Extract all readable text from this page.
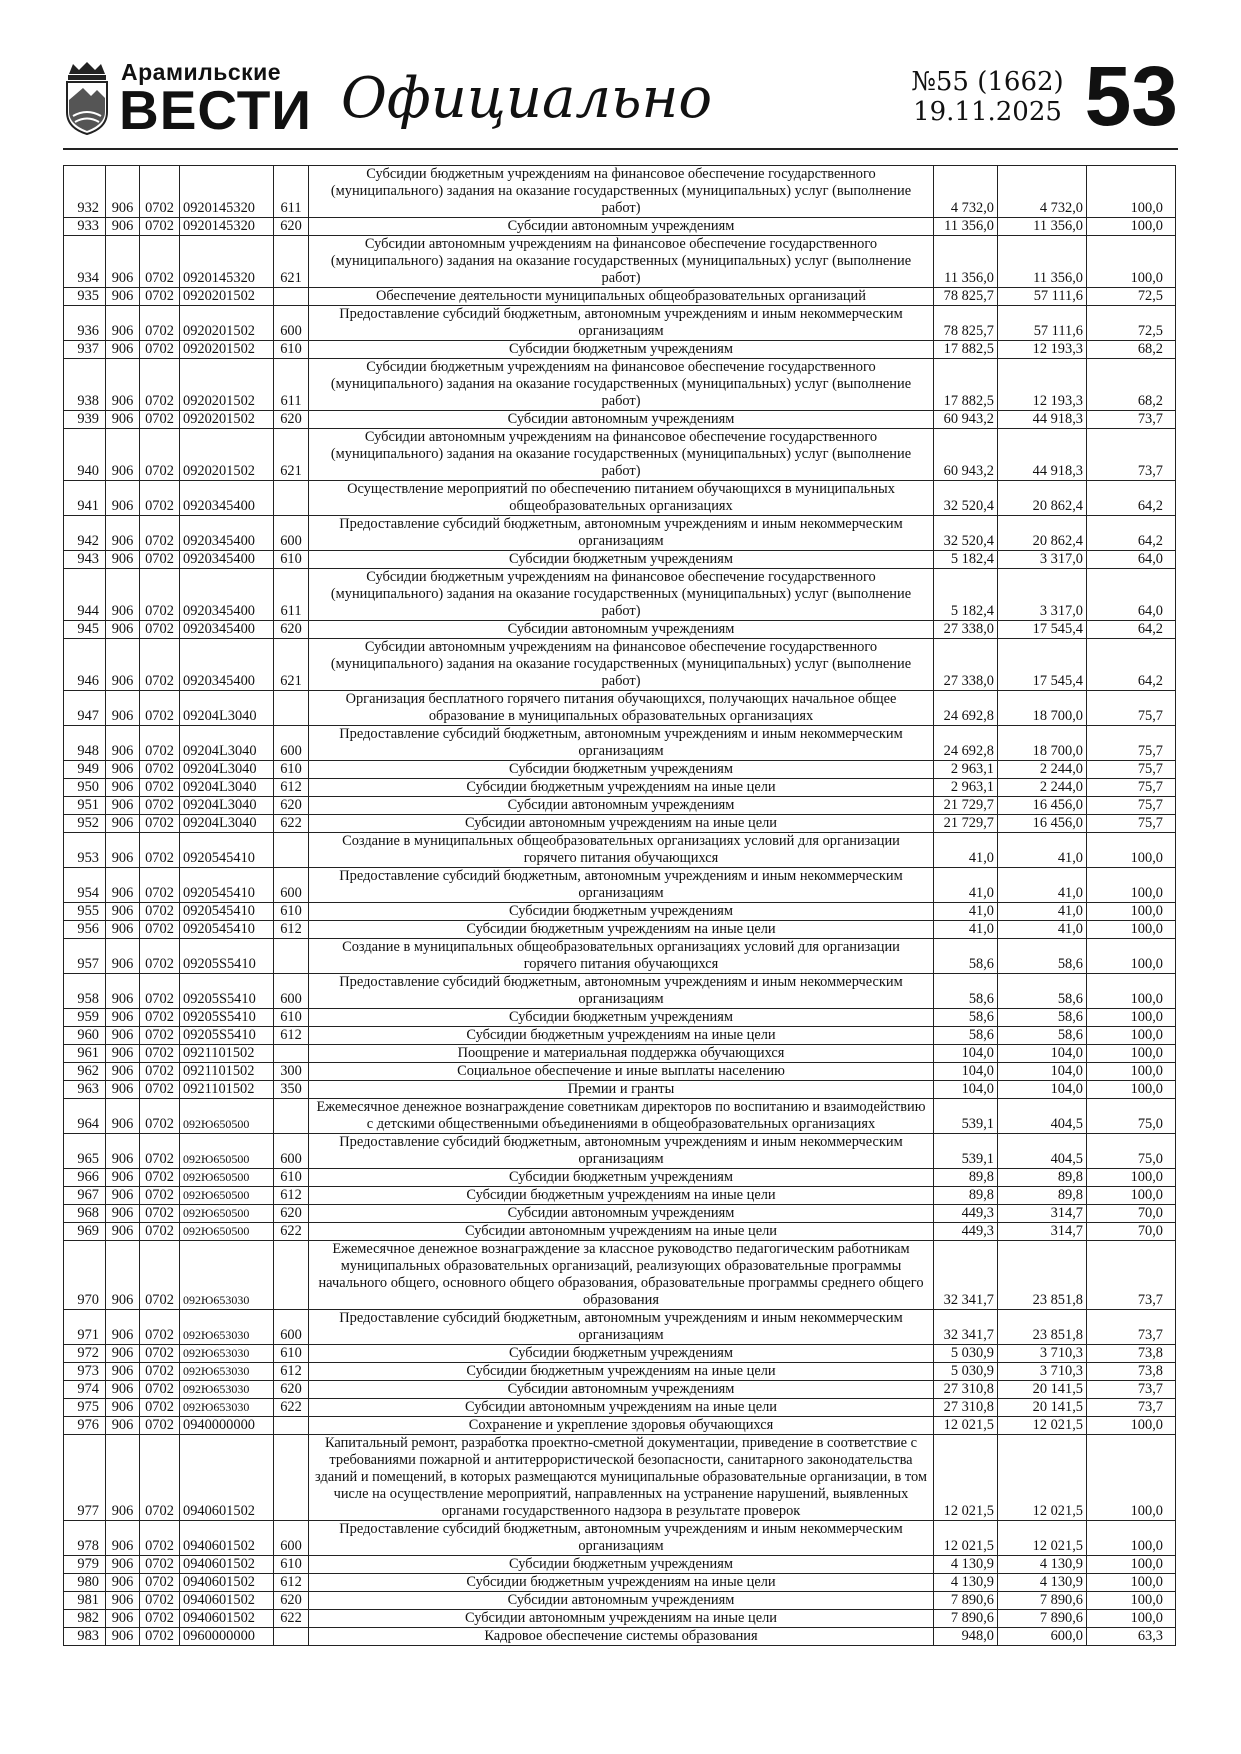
Арамильские
ВЕСТИ Официально	№55 (1662)
19.11.2025 53
932	906	0702	0920145320	611	Субсидии бюджетным учреждениям на финансовое обеспечение государственного (муниципального) задания на оказание государственных (муниципальных) услуг (выполнение работ)	4 732,0	4 732,0	100,0
933	906	0702	0920145320	620	Субсидии автономным учреждениям	11 356,0	11 356,0	100,0
934	906	0702	0920145320	621	Субсидии автономным учреждениям на финансовое обеспечение государственного (муниципального) задания на оказание государственных (муниципальных) услуг (выполнение работ)	11 356,0	11 356,0	100,0
935	906	0702	0920201502		Обеспечение деятельности муниципальных общеобразовательных организаций	78 825,7	57 111,6	72,5
936	906	0702	0920201502	600	Предоставление субсидий бюджетным, автономным учреждениям и иным некоммерческим организациям	78 825,7	57 111,6	72,5
937	906	0702	0920201502	610	Субсидии бюджетным учреждениям	17 882,5	12 193,3	68,2
938	906	0702	0920201502	611	Субсидии бюджетным учреждениям на финансовое обеспечение государственного (муниципального) задания на оказание государственных (муниципальных) услуг (выполнение работ)	17 882,5	12 193,3	68,2
939	906	0702	0920201502	620	Субсидии автономным учреждениям	60 943,2	44 918,3	73,7
940	906	0702	0920201502	621	Субсидии автономным учреждениям на финансовое обеспечение государственного (муниципального) задания на оказание государственных (муниципальных) услуг (выполнение работ)	60 943,2	44 918,3	73,7
941	906	0702	0920345400		Осуществление мероприятий по обеспечению питанием обучающихся в муниципальных общеобразовательных организациях	32 520,4	20 862,4	64,2
942	906	0702	0920345400	600	Предоставление субсидий бюджетным, автономным учреждениям и иным некоммерческим организациям	32 520,4	20 862,4	64,2
943	906	0702	0920345400	610	Субсидии бюджетным учреждениям	5 182,4	3 317,0	64,0
944	906	0702	0920345400	611	Субсидии бюджетным учреждениям на финансовое обеспечение государственного (муниципального) задания на оказание государственных (муниципальных) услуг (выполнение работ)	5 182,4	3 317,0	64,0
945	906	0702	0920345400	620	Субсидии автономным учреждениям	27 338,0	17 545,4	64,2
946	906	0702	0920345400	621	Субсидии автономным учреждениям на финансовое обеспечение государственного (муниципального) задания на оказание государственных (муниципальных) услуг (выполнение работ)	27 338,0	17 545,4	64,2
947	906	0702	09204L3040		Организация бесплатного горячего питания обучающихся, получающих начальное общее образование в муниципальных образовательных организациях	24 692,8	18 700,0	75,7
948	906	0702	09204L3040	600	Предоставление субсидий бюджетным, автономным учреждениям и иным некоммерческим организациям	24 692,8	18 700,0	75,7
949	906	0702	09204L3040	610	Субсидии бюджетным учреждениям	2 963,1	2 244,0	75,7
950	906	0702	09204L3040	612	Субсидии бюджетным учреждениям на иные цели	2 963,1	2 244,0	75,7
951	906	0702	09204L3040	620	Субсидии автономным учреждениям	21 729,7	16 456,0	75,7
952	906	0702	09204L3040	622	Субсидии автономным учреждениям на иные цели	21 729,7	16 456,0	75,7
953	906	0702	0920545410		Создание в муниципальных общеобразовательных организациях условий для организации горячего питания обучающихся	41,0	41,0	100,0
954	906	0702	0920545410	600	Предоставление субсидий бюджетным, автономным учреждениям и иным некоммерческим организациям	41,0	41,0	100,0
955	906	0702	0920545410	610	Субсидии бюджетным учреждениям	41,0	41,0	100,0
956	906	0702	0920545410	612	Субсидии бюджетным учреждениям на иные цели	41,0	41,0	100,0
957	906	0702	09205S5410		Создание в муниципальных общеобразовательных организациях условий для организации горячего питания обучающихся	58,6	58,6	100,0
958	906	0702	09205S5410	600	Предоставление субсидий бюджетным, автономным учреждениям и иным некоммерческим организациям	58,6	58,6	100,0
959	906	0702	09205S5410	610	Субсидии бюджетным учреждениям	58,6	58,6	100,0
960	906	0702	09205S5410	612	Субсидии бюджетным учреждениям на иные цели	58,6	58,6	100,0
961	906	0702	0921101502		Поощрение и материальная поддержка обучающихся	104,0	104,0	100,0
962	906	0702	0921101502	300	Социальное обеспечение и иные выплаты населению	104,0	104,0	100,0
963	906	0702	0921101502	350	Премии и гранты	104,0	104,0	100,0
964	906	0702	092Ю650500		Ежемесячное денежное вознаграждение советникам директоров по воспитанию и взаимодействию с детскими общественными объединениями в общеобразовательных организациях	539,1	404,5	75,0
965	906	0702	092Ю650500	600	Предоставление субсидий бюджетным, автономным учреждениям и иным некоммерческим организациям	539,1	404,5	75,0
966	906	0702	092Ю650500	610	Субсидии бюджетным учреждениям	89,8	89,8	100,0
967	906	0702	092Ю650500	612	Субсидии бюджетным учреждениям на иные цели	89,8	89,8	100,0
968	906	0702	092Ю650500	620	Субсидии автономным учреждениям	449,3	314,7	70,0
969	906	0702	092Ю650500	622	Субсидии автономным учреждениям на иные цели	449,3	314,7	70,0
970	906	0702	092Ю653030		Ежемесячное денежное вознаграждение за классное руководство педагогическим работникам муниципальных образовательных организаций, реализующих образовательные программы начального общего, основного общего образования, образовательные программы среднего общего образования	32 341,7	23 851,8	73,7
971	906	0702	092Ю653030	600	Предоставление субсидий бюджетным, автономным учреждениям и иным некоммерческим организациям	32 341,7	23 851,8	73,7
972	906	0702	092Ю653030	610	Субсидии бюджетным учреждениям	5 030,9	3 710,3	73,8
973	906	0702	092Ю653030	612	Субсидии бюджетным учреждениям на иные цели	5 030,9	3 710,3	73,8
974	906	0702	092Ю653030	620	Субсидии автономным учреждениям	27 310,8	20 141,5	73,7
975	906	0702	092Ю653030	622	Субсидии автономным учреждениям на иные цели	27 310,8	20 141,5	73,7
976	906	0702	0940000000		Сохранение и укрепление здоровья обучающихся	12 021,5	12 021,5	100,0
977	906	0702	0940601502		Капитальный ремонт, разработка проектно-сметной документации, приведение в соответствие с требованиями пожарной и антитеррористической безопасности, санитарного законодательства зданий и помещений, в которых размещаются муниципальные образовательные организации, в том числе на осуществление мероприятий, направленных на устранение нарушений, выявленных органами государственного надзора в результате проверок	12 021,5	12 021,5	100,0
978	906	0702	0940601502	600	Предоставление субсидий бюджетным, автономным учреждениям и иным некоммерческим организациям	12 021,5	12 021,5	100,0
979	906	0702	0940601502	610	Субсидии бюджетным учреждениям	4 130,9	4 130,9	100,0
980	906	0702	0940601502	612	Субсидии бюджетным учреждениям на иные цели	4 130,9	4 130,9	100,0
981	906	0702	0940601502	620	Субсидии автономным учреждениям	7 890,6	7 890,6	100,0
982	906	0702	0940601502	622	Субсидии автономным учреждениям на иные цели	7 890,6	7 890,6	100,0
983	906	0702	0960000000		Кадровое обеспечение системы образования	948,0	600,0	63,3
